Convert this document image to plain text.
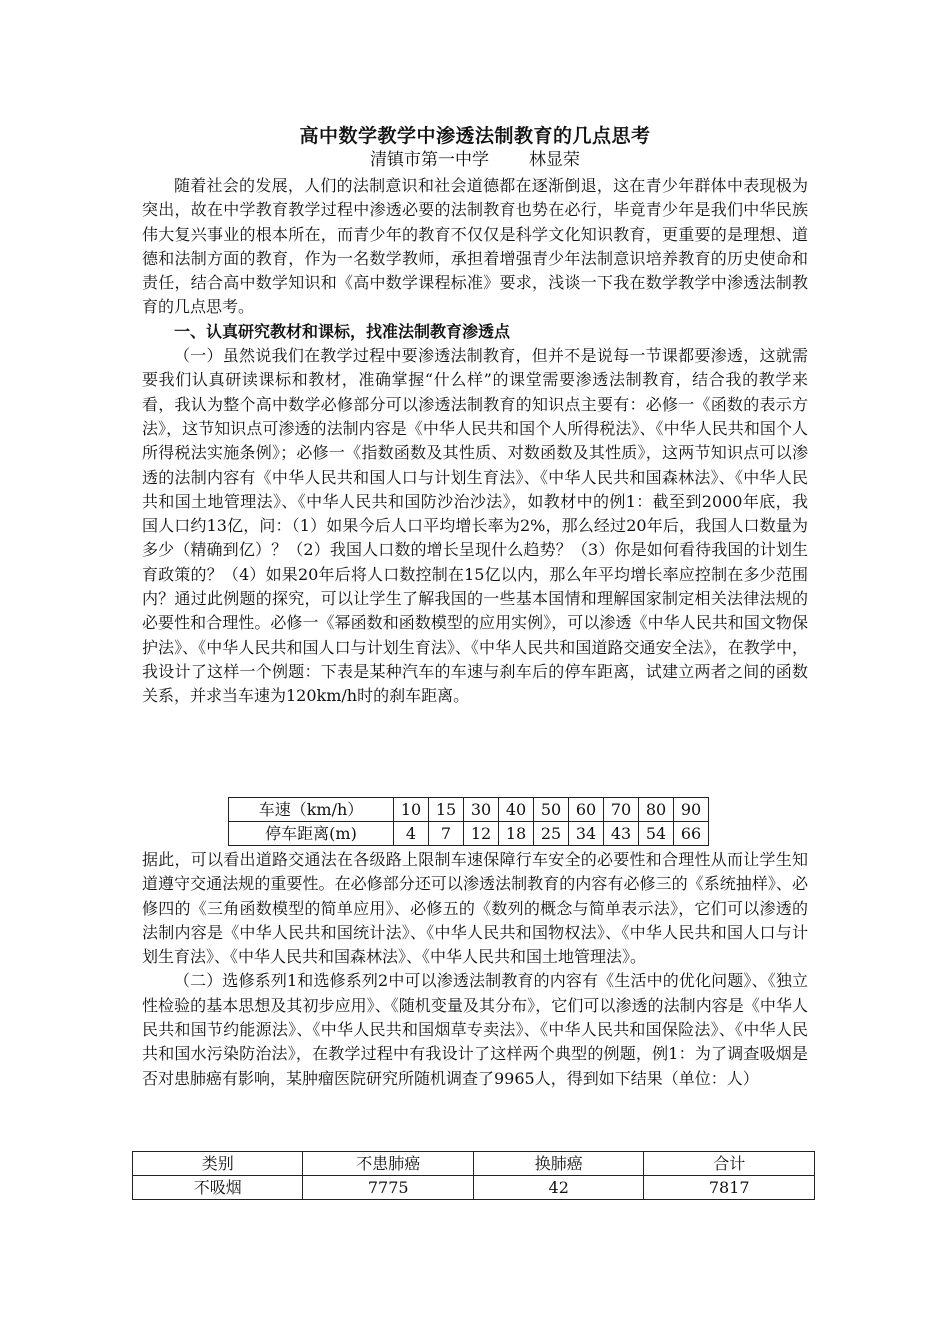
高中数学教学中渗透法制教育的几点思考
清镇市第一中学 林显荣

随着社会的发展，人们的法制意识和社会道德都在逐渐倒退，这在青少年群体中表现极为突出，故在中学教育教学过程中渗透必要的法制教育也势在必行，毕竟青少年是我们中华民族伟大复兴事业的根本所在，而青少年的教育不仅仅是科学文化知识教育，更重要的是理想、道德和法制方面的教育，作为一名数学教师，承担着增强青少年法制意识培养教育的历史使命和责任，结合高中数学知识和《高中数学课程标准》要求，浅谈一下我在数学教学中渗透法制教育的几点思考。

一、认真研究教材和课标，找准法制教育渗透点

（一）虽然说我们在教学过程中要渗透法制教育，但并不是说每一节课都要渗透，这就需要我们认真研读课标和教材，准确掌握“什么样”的课堂需要渗透法制教育，结合我的教学来看，我认为整个高中数学必修部分可以渗透法制教育的知识点主要有：必修一《函数的表示方法》，这节知识点可渗透的法制内容是《中华人民共和国个人所得税法》、《中华人民共和国个人所得税法实施条例》；必修一《指数函数及其性质、对数函数及其性质》，这两节知识点可以渗透的法制内容有《中华人民共和国人口与计划生育法》、《中华人民共和国森林法》、《中华人民共和国土地管理法》、《中华人民共和国防沙治沙法》，如教材中的例1：截至到2000年底，我国人口约13亿，问：（1）如果今后人口平均增长率为2%，那么经过20年后，我国人口数量为多少（精确到亿）？（2）我国人口数的增长呈现什么趋势？（3）你是如何看待我国的计划生育政策的？（4）如果20年后将人口数控制在15亿以内，那么年平均增长率应控制在多少范围内？通过此例题的探究，可以让学生了解我国的一些基本国情和理解国家制定相关法律法规的必要性和合理性。必修一《幂函数和函数模型的应用实例》，可以渗透《中华人民共和国文物保护法》、《中华人民共和国人口与计划生育法》、《中华人民共和国道路交通安全法》，在教学中，我设计了这样一个例题：下表是某种汽车的车速与刹车后的停车距离，试建立两者之间的函数关系，并求当车速为120km/h时的刹车距离。

车速（km/h）	10	15	30	40	50	60	70	80	90
停车距离(m)	4	7	12	18	25	34	43	54	66

据此，可以看出道路交通法在各级路上限制车速保障行车安全的必要性和合理性从而让学生知道遵守交通法规的重要性。在必修部分还可以渗透法制教育的内容有必修三的《系统抽样》、必修四的《三角函数模型的简单应用》、必修五的《数列的概念与简单表示法》，它们可以渗透的法制内容是《中华人民共和国统计法》、《中华人民共和国物权法》、《中华人民共和国人口与计划生育法》、《中华人民共和国森林法》、《中华人民共和国土地管理法》。

（二）选修系列1和选修系列2中可以渗透法制教育的内容有《生活中的优化问题》、《独立性检验的基本思想及其初步应用》、《随机变量及其分布》，它们可以渗透的法制内容是《中华人民共和国节约能源法》、《中华人民共和国烟草专卖法》、《中华人民共和国保险法》、《中华人民共和国水污染防治法》，在教学过程中有我设计了这样两个典型的例题，例1：为了调查吸烟是否对患肺癌有影响，某肿瘤医院研究所随机调查了9965人，得到如下结果（单位：人）

类别	不患肺癌	换肺癌	合计
不吸烟	7775	42	7817
